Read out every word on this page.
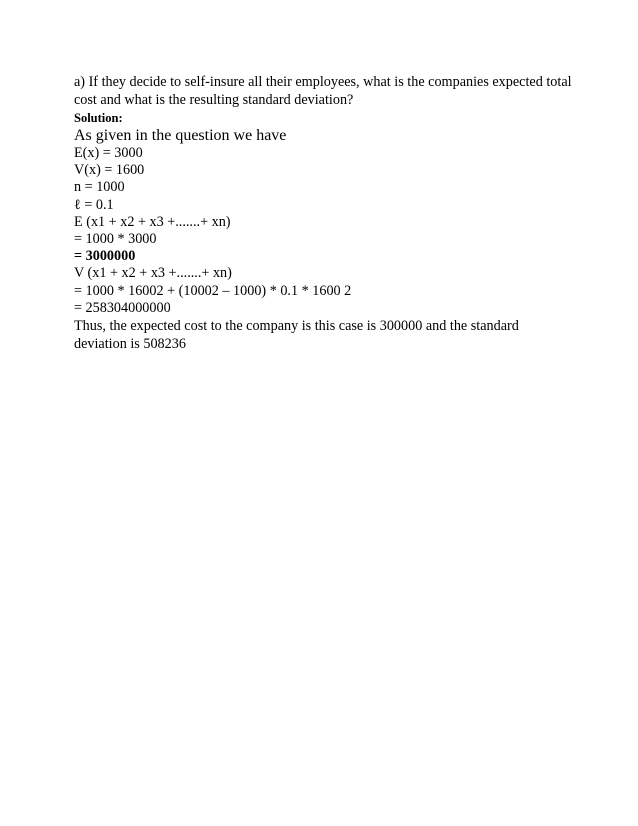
a) If they decide to self-insure all their employees, what is the companies expected total cost and what is the resulting standard deviation?

Solution:

As given in the question we have

E(x) = 3000

V(x) = 1600

n = 1000

ℓ = 0.1

E (x1 + x2 + x3 +.......+ xn)

= 1000 * 3000

= 3000000

V (x1 + x2 + x3 +.......+ xn)

= 1000 * 16002 + (10002 – 1000) * 0.1 * 1600 2

= 258304000000

Thus, the expected cost to the company is this case is 300000 and the standard deviation is 508236
